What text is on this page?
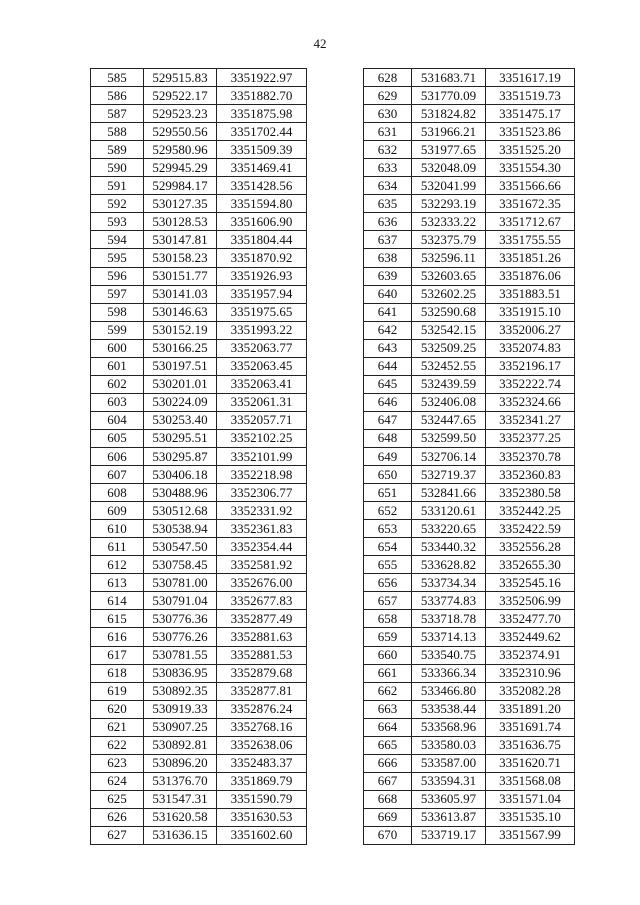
42
585	529515.83	3351922.97
586	529522.17	3351882.70
587	529523.23	3351875.98
588	529550.56	3351702.44
589	529580.96	3351509.39
590	529945.29	3351469.41
591	529984.17	3351428.56
592	530127.35	3351594.80
593	530128.53	3351606.90
594	530147.81	3351804.44
595	530158.23	3351870.92
596	530151.77	3351926.93
597	530141.03	3351957.94
598	530146.63	3351975.65
599	530152.19	3351993.22
600	530166.25	3352063.77
601	530197.51	3352063.45
602	530201.01	3352063.41
603	530224.09	3352061.31
604	530253.40	3352057.71
605	530295.51	3352102.25
606	530295.87	3352101.99
607	530406.18	3352218.98
608	530488.96	3352306.77
609	530512.68	3352331.92
610	530538.94	3352361.83
611	530547.50	3352354.44
612	530758.45	3352581.92
613	530781.00	3352676.00
614	530791.04	3352677.83
615	530776.36	3352877.49
616	530776.26	3352881.63
617	530781.55	3352881.53
618	530836.95	3352879.68
619	530892.35	3352877.81
620	530919.33	3352876.24
621	530907.25	3352768.16
622	530892.81	3352638.06
623	530896.20	3352483.37
624	531376.70	3351869.79
625	531547.31	3351590.79
626	531620.58	3351630.53
627	531636.15	3351602.60
628	531683.71	3351617.19
629	531770.09	3351519.73
630	531824.82	3351475.17
631	531966.21	3351523.86
632	531977.65	3351525.20
633	532048.09	3351554.30
634	532041.99	3351566.66
635	532293.19	3351672.35
636	532333.22	3351712.67
637	532375.79	3351755.55
638	532596.11	3351851.26
639	532603.65	3351876.06
640	532602.25	3351883.51
641	532590.68	3351915.10
642	532542.15	3352006.27
643	532509.25	3352074.83
644	532452.55	3352196.17
645	532439.59	3352222.74
646	532406.08	3352324.66
647	532447.65	3352341.27
648	532599.50	3352377.25
649	532706.14	3352370.78
650	532719.37	3352360.83
651	532841.66	3352380.58
652	533120.61	3352442.25
653	533220.65	3352422.59
654	533440.32	3352556.28
655	533628.82	3352655.30
656	533734.34	3352545.16
657	533774.83	3352506.99
658	533718.78	3352477.70
659	533714.13	3352449.62
660	533540.75	3352374.91
661	533366.34	3352310.96
662	533466.80	3352082.28
663	533538.44	3351891.20
664	533568.96	3351691.74
665	533580.03	3351636.75
666	533587.00	3351620.71
667	533594.31	3351568.08
668	533605.97	3351571.04
669	533613.87	3351535.10
670	533719.17	3351567.99
